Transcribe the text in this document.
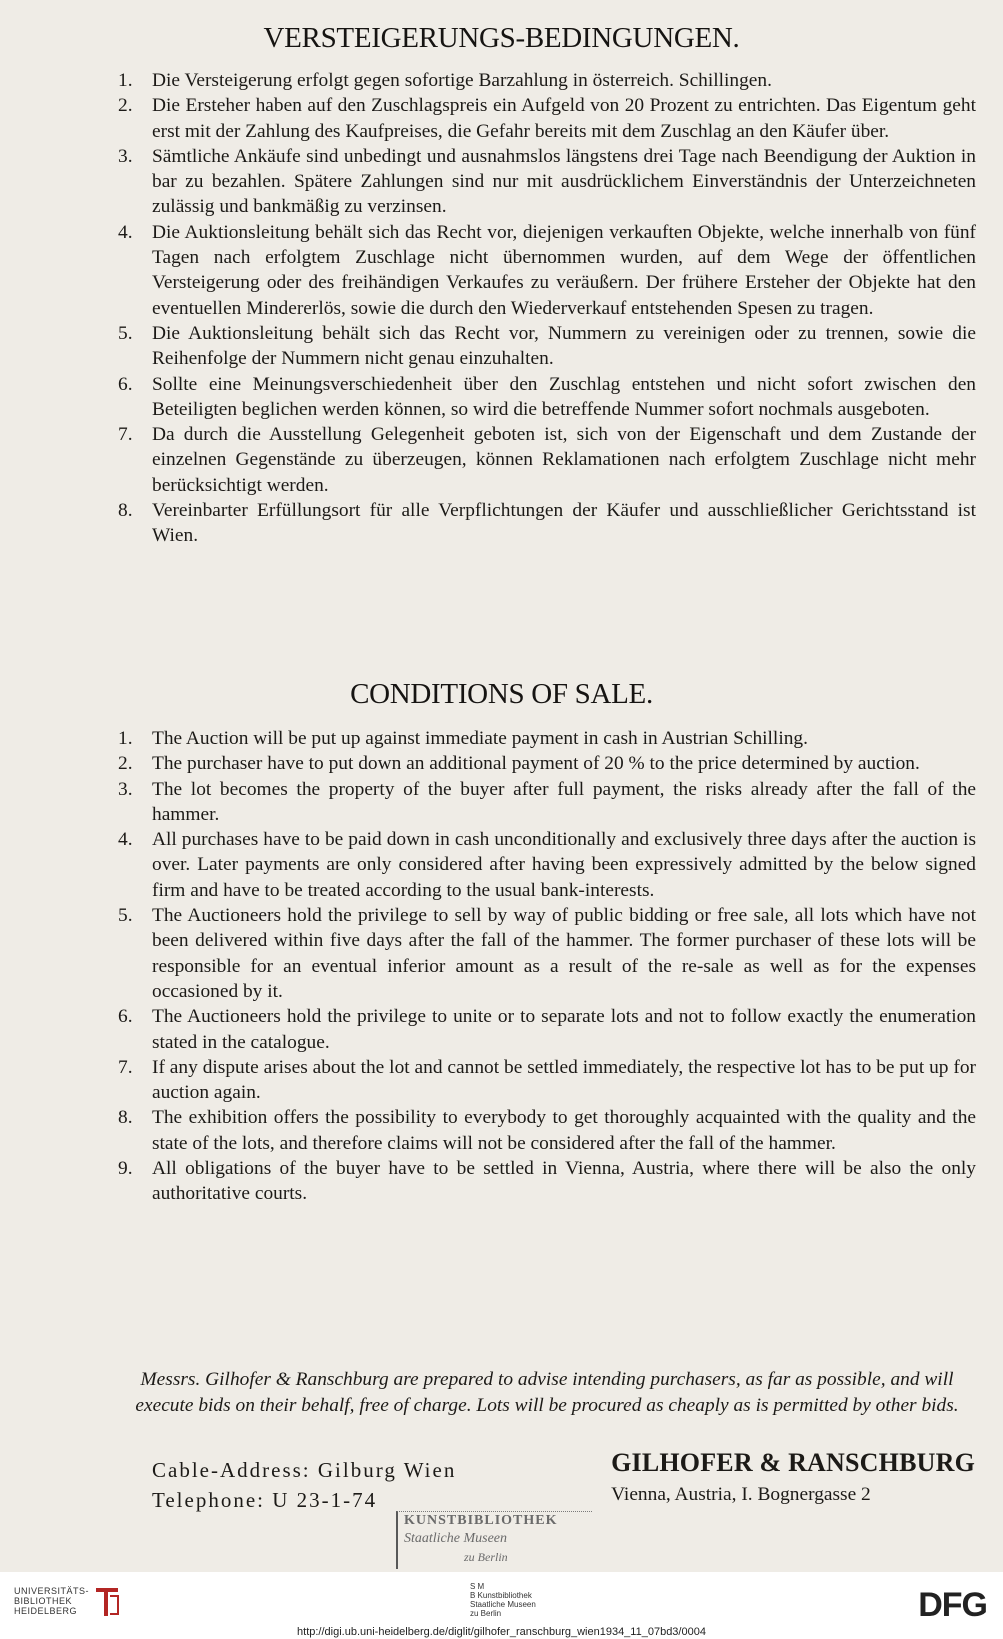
VERSTEIGERUNGS-BEDINGUNGEN.
1.	Die Versteigerung erfolgt gegen sofortige Barzahlung in österreich. Schillingen.
2.	Die Ersteher haben auf den Zuschlagspreis ein Aufgeld von 20 Prozent zu entrichten. Das Eigentum geht erst mit der Zahlung des Kaufpreises, die Gefahr bereits mit dem Zuschlag an den Käufer über.
3.	Sämtliche Ankäufe sind unbedingt und ausnahmslos längstens drei Tage nach Beendigung der Auktion in bar zu bezahlen. Spätere Zahlungen sind nur mit ausdrücklichem Einverständnis der Unterzeichneten zulässig und bankmäßig zu verzinsen.
4.	Die Auktionsleitung behält sich das Recht vor, diejenigen verkauften Objekte, welche innerhalb von fünf Tagen nach erfolgtem Zuschlage nicht übernommen wurden, auf dem Wege der öffentlichen Versteigerung oder des freihändigen Verkaufes zu veräußern. Der frühere Ersteher der Objekte hat den eventuellen Mindererlös, sowie die durch den Wiederverkauf entstehenden Spesen zu tragen.
5.	Die Auktionsleitung behält sich das Recht vor, Nummern zu vereinigen oder zu trennen, sowie die Reihenfolge der Nummern nicht genau einzuhalten.
6.	Sollte eine Meinungsverschiedenheit über den Zuschlag entstehen und nicht sofort zwischen den Beteiligten beglichen werden können, so wird die betreffende Nummer sofort nochmals ausgeboten.
7.	Da durch die Ausstellung Gelegenheit geboten ist, sich von der Eigenschaft und dem Zustande der einzelnen Gegenstände zu überzeugen, können Reklamationen nach erfolgtem Zuschlage nicht mehr berücksichtigt werden.
8.	Vereinbarter Erfüllungsort für alle Verpflichtungen der Käufer und ausschließlicher Gerichtsstand ist Wien.
CONDITIONS OF SALE.
1.	The Auction will be put up against immediate payment in cash in Austrian Schilling.
2.	The purchaser have to put down an additional payment of 20 % to the price determined by auction.
3.	The lot becomes the property of the buyer after full payment, the risks already after the fall of the hammer.
4.	All purchases have to be paid down in cash unconditionally and exclusively three days after the auction is over. Later payments are only considered after having been expressively admitted by the below signed firm and have to be treated according to the usual bank-interests.
5.	The Auctioneers hold the privilege to sell by way of public bidding or free sale, all lots which have not been delivered within five days after the fall of the hammer. The former purchaser of these lots will be responsible for an eventual inferior amount as a result of the re-sale as well as for the expenses occasioned by it.
6.	The Auctioneers hold the privilege to unite or to separate lots and not to follow exactly the enumeration stated in the catalogue.
7.	If any dispute arises about the lot and cannot be settled immediately, the respective lot has to be put up for auction again.
8.	The exhibition offers the possibility to everybody to get thoroughly acquainted with the quality and the state of the lots, and therefore claims will not be considered after the fall of the hammer.
9.	All obligations of the buyer have to be settled in Vienna, Austria, where there will be also the only authoritative courts.

Messrs. Gilhofer & Ranschburg are prepared to advise intending purchasers, as far as possible, and will execute bids on their behalf, free of charge. Lots will be procured as cheaply as is permitted by other bids.

Cable-Address: Gilburg Wien
Telephone: U 23-1-74
GILHOFER & RANSCHBURG
Vienna, Austria, I. Bognergasse 2
KUNSTBIBLIOTHEK
Staatliche Museen
zu Berlin
UNIVERSITÄTS-
BIBLIOTHEK
HEIDELBERG
S M
B Kunstbibliothek
Staatliche Museen
zu Berlin	DFG
http://digi.ub.uni-heidelberg.de/diglit/gilhofer_ranschburg_wien1934_11_07bd3/0004
